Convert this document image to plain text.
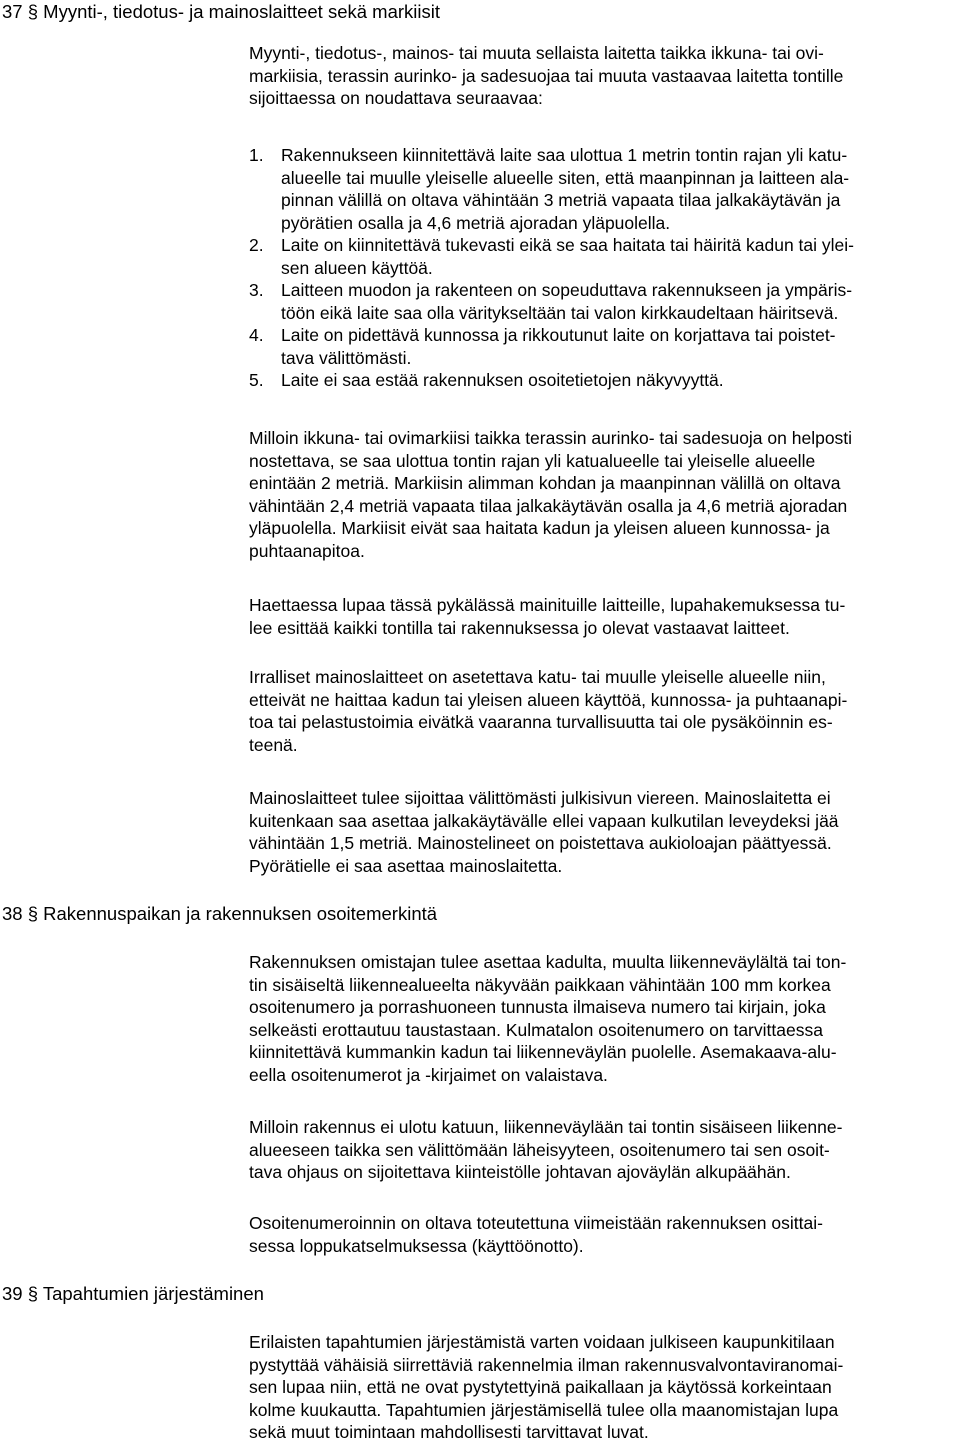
37 § Myynti-, tiedotus- ja mainoslaitteet sekä markiisit
38 § Rakennuspaikan ja rakennuksen osoitemerkintä
39 § Tapahtumien järjestäminen
Myynti-, tiedotus-, mainos- tai muuta sellaista laitetta taikka ikkuna- tai ovi-
markiisia, terassin aurinko- ja sadesuojaa tai muuta vastaavaa laitetta tontille
sijoittaessa on noudattava seuraavaa:
1. Rakennukseen kiinnitettävä laite saa ulottua 1 metrin tontin rajan yli katu-
alueelle tai muulle yleiselle alueelle siten, että maanpinnan ja laitteen ala-
pinnan välillä on oltava vähintään 3 metriä vapaata tilaa jalkakäytävän ja
pyörätien osalla ja 4,6 metriä ajoradan yläpuolella.
2. Laite on kiinnitettävä tukevasti eikä se saa haitata tai häiritä kadun tai ylei-
sen alueen käyttöä.
3. Laitteen muodon ja rakenteen on sopeuduttava rakennukseen ja ympäris-
töön eikä laite saa olla väritykseltään tai valon kirkkaudeltaan häiritsevä.
4. Laite on pidettävä kunnossa ja rikkoutunut laite on korjattava tai poistet-
tava välittömästi.
5. Laite ei saa estää rakennuksen osoitetietojen näkyvyyttä.
Milloin ikkuna- tai ovimarkiisi taikka terassin aurinko- tai sadesuoja on helposti
nostettava, se saa ulottua tontin rajan yli katualueelle tai yleiselle alueelle
enintään 2 metriä. Markiisin alimman kohdan ja maanpinnan välillä on oltava
vähintään 2,4 metriä vapaata tilaa jalkakäytävän osalla ja 4,6 metriä ajoradan
yläpuolella. Markiisit eivät saa haitata kadun ja yleisen alueen kunnossa- ja
puhtaanapitoa.
Haettaessa lupaa tässä pykälässä mainituille laitteille, lupahakemuksessa tu-
lee esittää kaikki tontilla tai rakennuksessa jo olevat vastaavat laitteet.
Irralliset mainoslaitteet on asetettava katu- tai muulle yleiselle alueelle niin,
etteivät ne haittaa kadun tai yleisen alueen käyttöä, kunnossa- ja puhtaanapi-
toa tai pelastustoimia eivätkä vaaranna turvallisuutta tai ole pysäköinnin es-
teenä.
Mainoslaitteet tulee sijoittaa välittömästi julkisivun viereen. Mainoslaitetta ei
kuitenkaan saa asettaa jalkakäytävälle ellei vapaan kulkutilan leveydeksi jää
vähintään 1,5 metriä. Mainostelineet on poistettava aukioloajan päättyessä.
Pyörätielle ei saa asettaa mainoslaitetta.
Rakennuksen omistajan tulee asettaa kadulta, muulta liikenneväylältä tai ton-
tin sisäiseltä liikennealueelta näkyvään paikkaan vähintään 100 mm korkea
osoitenumero ja porrashuoneen tunnusta ilmaiseva numero tai kirjain, joka
selkeästi erottautuu taustastaan. Kulmatalon osoitenumero on tarvittaessa
kiinnitettävä kummankin kadun tai liikenneväylän puolelle. Asemakaava-alu-
eella osoitenumerot ja -kirjaimet on valaistava.
Milloin rakennus ei ulotu katuun, liikenneväylään tai tontin sisäiseen liikenne-
alueeseen taikka sen välittömään läheisyyteen, osoitenumero tai sen osoit-
tava ohjaus on sijoitettava kiinteistölle johtavan ajoväylän alkupäähän.
Osoitenumeroinnin on oltava toteutettuna viimeistään rakennuksen osittai-
sessa loppukatselmuksessa (käyttöönotto).
Erilaisten tapahtumien järjestämistä varten voidaan julkiseen kaupunkitilaan
pystyttää vähäisiä siirrettäviä rakennelmia ilman rakennusvalvontaviranomai-
sen lupaa niin, että ne ovat pystytettyinä paikallaan ja käytössä korkeintaan
kolme kuukautta. Tapahtumien järjestämisellä tulee olla maanomistajan lupa
sekä muut toimintaan mahdollisesti tarvittavat luvat.
